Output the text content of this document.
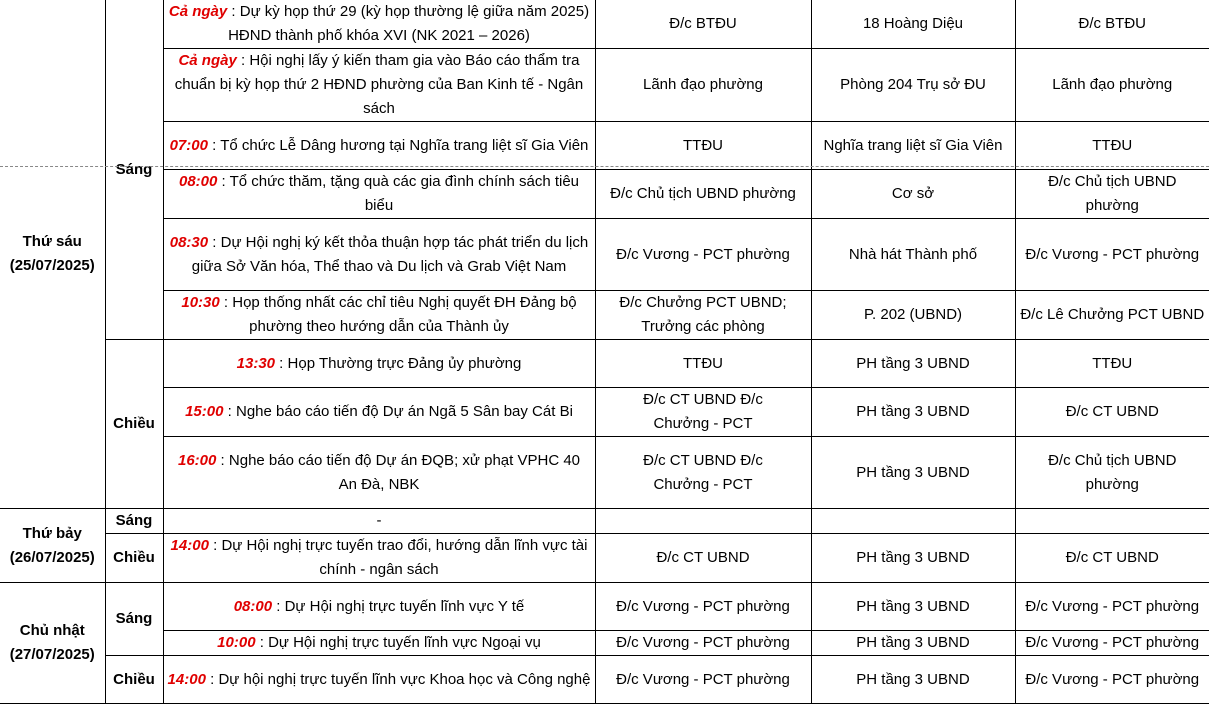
Thứ sáu
(25/07/2025)	Sáng	Cả ngày : Dự kỳ họp thứ 29 (kỳ họp thường lệ giữa năm 2025) HĐND thành phố khóa XVI (NK 2021 – 2026)	Đ/c BTĐU	18 Hoàng Diệu	Đ/c BTĐU
		Cả ngày : Hội nghị lấy ý kiến tham gia vào Báo cáo thẩm tra chuẩn bị kỳ họp thứ 2 HĐND phường của Ban Kinh tế - Ngân sách	Lãnh đạo phường	Phòng 204 Trụ sở ĐU	Lãnh đạo phường
		07:00 : Tổ chức Lễ Dâng hương tại Nghĩa trang liệt sĩ Gia Viên	TTĐU	Nghĩa trang liệt sĩ Gia Viên	TTĐU
		08:00 : Tổ chức thăm, tặng quà các gia đình chính sách tiêu biểu	Đ/c Chủ tịch UBND phường	Cơ sở	Đ/c Chủ tịch UBND phường
		08:30 : Dự Hội nghị ký kết thỏa thuận hợp tác phát triển du lịch giữa Sở Văn hóa, Thể thao và Du lịch và Grab Việt Nam	Đ/c Vương - PCT phường	Nhà hát Thành phố	Đ/c Vương - PCT phường
		10:30 : Họp thống nhất các chỉ tiêu Nghị quyết ĐH Đảng bộ phường theo hướng dẫn của Thành ủy	Đ/c Chưởng PCT UBND; Trưởng các phòng	P. 202 (UBND)	Đ/c Lê Chưởng PCT UBND
	Chiều	13:30 : Họp Thường trực Đảng ủy phường	TTĐU	PH tầng 3 UBND	TTĐU
		15:00 : Nghe báo cáo tiến độ Dự án Ngã 5 Sân bay Cát Bi	Đ/c CT UBND Đ/c Chưởng - PCT	PH tầng 3 UBND	Đ/c CT UBND
		16:00 : Nghe báo cáo tiến độ Dự án ĐQB; xử phạt VPHC 40 An Đà, NBK	Đ/c CT UBND Đ/c Chưởng - PCT	PH tầng 3 UBND	Đ/c Chủ tịch UBND phường

Thứ bảy
(26/07/2025)	Sáng	-			
	Chiều	14:00 : Dự Hội nghị trực tuyến trao đổi, hướng dẫn lĩnh vực tài chính - ngân sách	Đ/c CT UBND	PH tầng 3 UBND	Đ/c CT UBND

Chủ nhật
(27/07/2025)	Sáng	08:00 : Dự Hội nghị trực tuyến lĩnh vực Y tế	Đ/c Vương - PCT phường	PH tầng 3 UBND	Đ/c Vương - PCT phường
		10:00 : Dự Hội nghị trực tuyến lĩnh vực Ngoại vụ	Đ/c Vương - PCT phường	PH tầng 3 UBND	Đ/c Vương - PCT phường
	Chiều	14:00 : Dự hội nghị trực tuyến lĩnh vực Khoa học và Công nghệ	Đ/c Vương - PCT phường	PH tầng 3 UBND	Đ/c Vương - PCT phường
